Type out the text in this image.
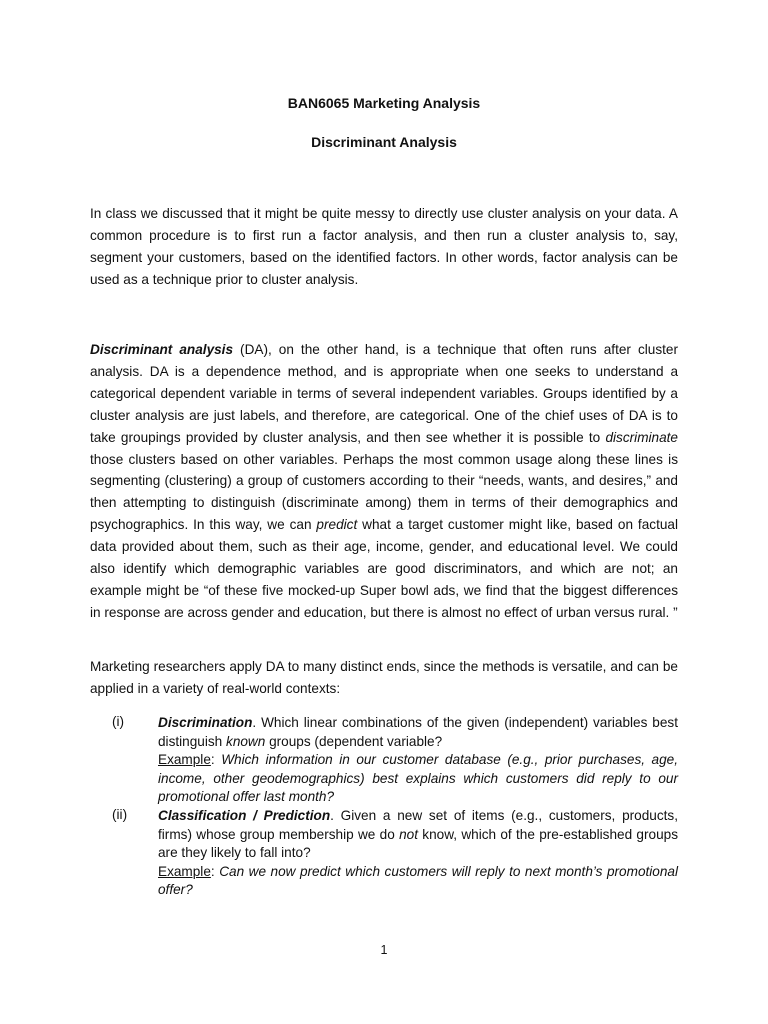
BAN6065 Marketing Analysis
Discriminant Analysis

In class we discussed that it might be quite messy to directly use cluster analysis on your data. A common procedure is to first run a factor analysis, and then run a cluster analysis to, say, segment your customers, based on the identified factors. In other words, factor analysis can be used as a technique prior to cluster analysis.

Discriminant analysis (DA), on the other hand, is a technique that often runs after cluster analysis. DA is a dependence method, and is appropriate when one seeks to understand a categorical dependent variable in terms of several independent variables. Groups identified by a cluster analysis are just labels, and therefore, are categorical. One of the chief uses of DA is to take groupings provided by cluster analysis, and then see whether it is possible to discriminate those clusters based on other variables. Perhaps the most common usage along these lines is segmenting (clustering) a group of customers according to their “needs, wants, and desires,” and then attempting to distinguish (discriminate among) them in terms of their demographics and psychographics. In this way, we can predict what a target customer might like, based on factual data provided about them, such as their age, income, gender, and educational level. We could also identify which demographic variables are good discriminators, and which are not; an example might be “of these five mocked-up Super bowl ads, we find that the biggest differences in response are across gender and education, but there is almost no effect of urban versus rural. ”

Marketing researchers apply DA to many distinct ends, since the methods is versatile, and can be applied in a variety of real-world contexts:

(i) Discrimination. Which linear combinations of the given (independent) variables best distinguish known groups (dependent variable?
Example: Which information in our customer database (e.g., prior purchases, age, income, other geodemographics) best explains which customers did reply to our promotional offer last month?
(ii) Classification / Prediction. Given a new set of items (e.g., customers, products, firms) whose group membership we do not know, which of the pre-established groups are they likely to fall into?
Example: Can we now predict which customers will reply to next month’s promotional offer?
1
